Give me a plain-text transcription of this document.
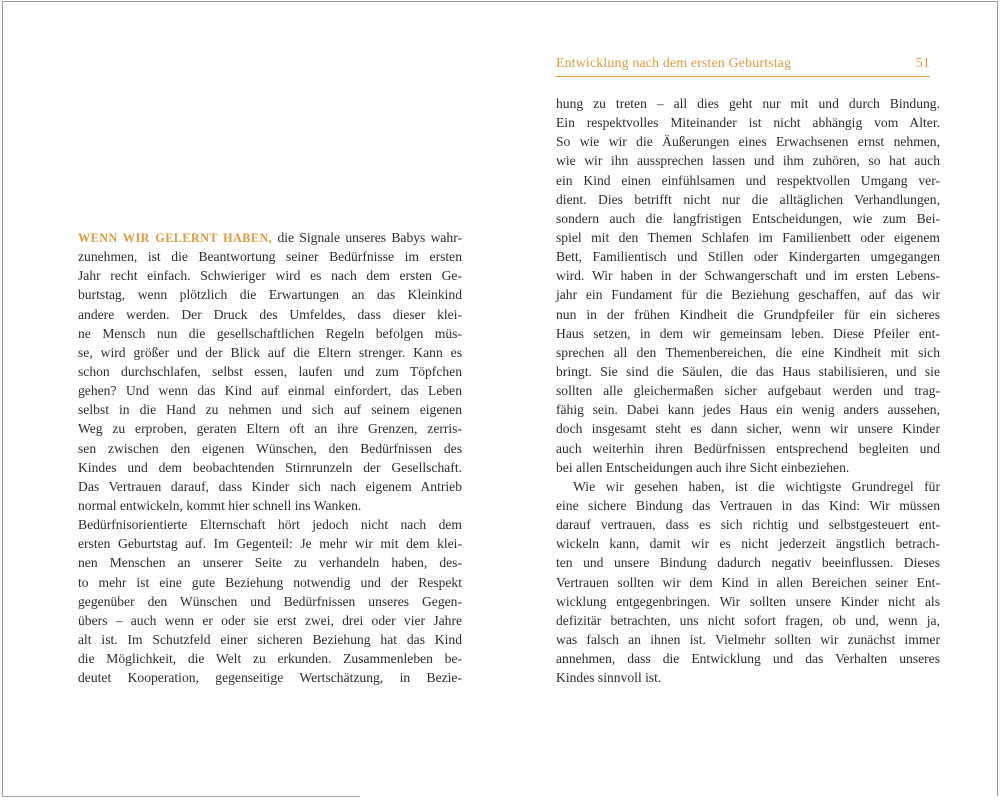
WENN WIR GELERNT HABEN, die Signale unseres Babys wahr-
zunehmen, ist die Beantwortung seiner Bedürfnisse im ersten
Jahr recht einfach. Schwieriger wird es nach dem ersten Ge-
burtstag, wenn plötzlich die Erwartungen an das Kleinkind
andere werden. Der Druck des Umfeldes, dass dieser klei-
ne Mensch nun die gesellschaftlichen Regeln befolgen müs-
se, wird größer und der Blick auf die Eltern strenger. Kann es
schon durchschlafen, selbst essen, laufen und zum Töpfchen
gehen? Und wenn das Kind auf einmal einfordert, das Leben
selbst in die Hand zu nehmen und sich auf seinem eigenen
Weg zu erproben, geraten Eltern oft an ihre Grenzen, zerris-
sen zwischen den eigenen Wünschen, den Bedürfnissen des
Kindes und dem beobachtenden Stirnrunzeln der Gesellschaft.
Das Vertrauen darauf, dass Kinder sich nach eigenem Antrieb
normal entwickeln, kommt hier schnell ins Wanken.
Bedürfnisorientierte Elternschaft hört jedoch nicht nach dem
ersten Geburtstag auf. Im Gegenteil: Je mehr wir mit dem klei-
nen Menschen an unserer Seite zu verhandeln haben, des-
to mehr ist eine gute Beziehung notwendig und der Respekt
gegenüber den Wünschen und Bedürfnissen unseres Gegen-
übers – auch wenn er oder sie erst zwei, drei oder vier Jahre
alt ist. Im Schutzfeld einer sicheren Beziehung hat das Kind
die Möglichkeit, die Welt zu erkunden. Zusammenleben be-
deutet Kooperation, gegenseitige Wertschätzung, in Bezie-
Entwicklung nach dem ersten Geburtstag	51
hung zu treten – all dies geht nur mit und durch Bindung.
Ein respektvolles Miteinander ist nicht abhängig vom Alter.
So wie wir die Äußerungen eines Erwachsenen ernst nehmen,
wie wir ihn aussprechen lassen und ihm zuhören, so hat auch
ein Kind einen einfühlsamen und respektvollen Umgang ver-
dient. Dies betrifft nicht nur die alltäglichen Verhandlungen,
sondern auch die langfristigen Entscheidungen, wie zum Bei-
spiel mit den Themen Schlafen im Familienbett oder eigenem
Bett, Familientisch und Stillen oder Kindergarten umgegangen
wird. Wir haben in der Schwangerschaft und im ersten Lebens-
jahr ein Fundament für die Beziehung geschaffen, auf das wir
nun in der frühen Kindheit die Grundpfeiler für ein sicheres
Haus setzen, in dem wir gemeinsam leben. Diese Pfeiler ent-
sprechen all den Themenbereichen, die eine Kindheit mit sich
bringt. Sie sind die Säulen, die das Haus stabilisieren, und sie
sollten alle gleichermaßen sicher aufgebaut werden und trag-
fähig sein. Dabei kann jedes Haus ein wenig anders aussehen,
doch insgesamt steht es dann sicher, wenn wir unsere Kinder
auch weiterhin ihren Bedürfnissen entsprechend begleiten und
bei allen Entscheidungen auch ihre Sicht einbeziehen.
Wie wir gesehen haben, ist die wichtigste Grundregel für
eine sichere Bindung das Vertrauen in das Kind: Wir müssen
darauf vertrauen, dass es sich richtig und selbstgesteuert ent-
wickeln kann, damit wir es nicht jederzeit ängstlich betrach-
ten und unsere Bindung dadurch negativ beeinflussen. Dieses
Vertrauen sollten wir dem Kind in allen Bereichen seiner Ent-
wicklung entgegenbringen. Wir sollten unsere Kinder nicht als
defizitär betrachten, uns nicht sofort fragen, ob und, wenn ja,
was falsch an ihnen ist. Vielmehr sollten wir zunächst immer
annehmen, dass die Entwicklung und das Verhalten unseres
Kindes sinnvoll ist.
